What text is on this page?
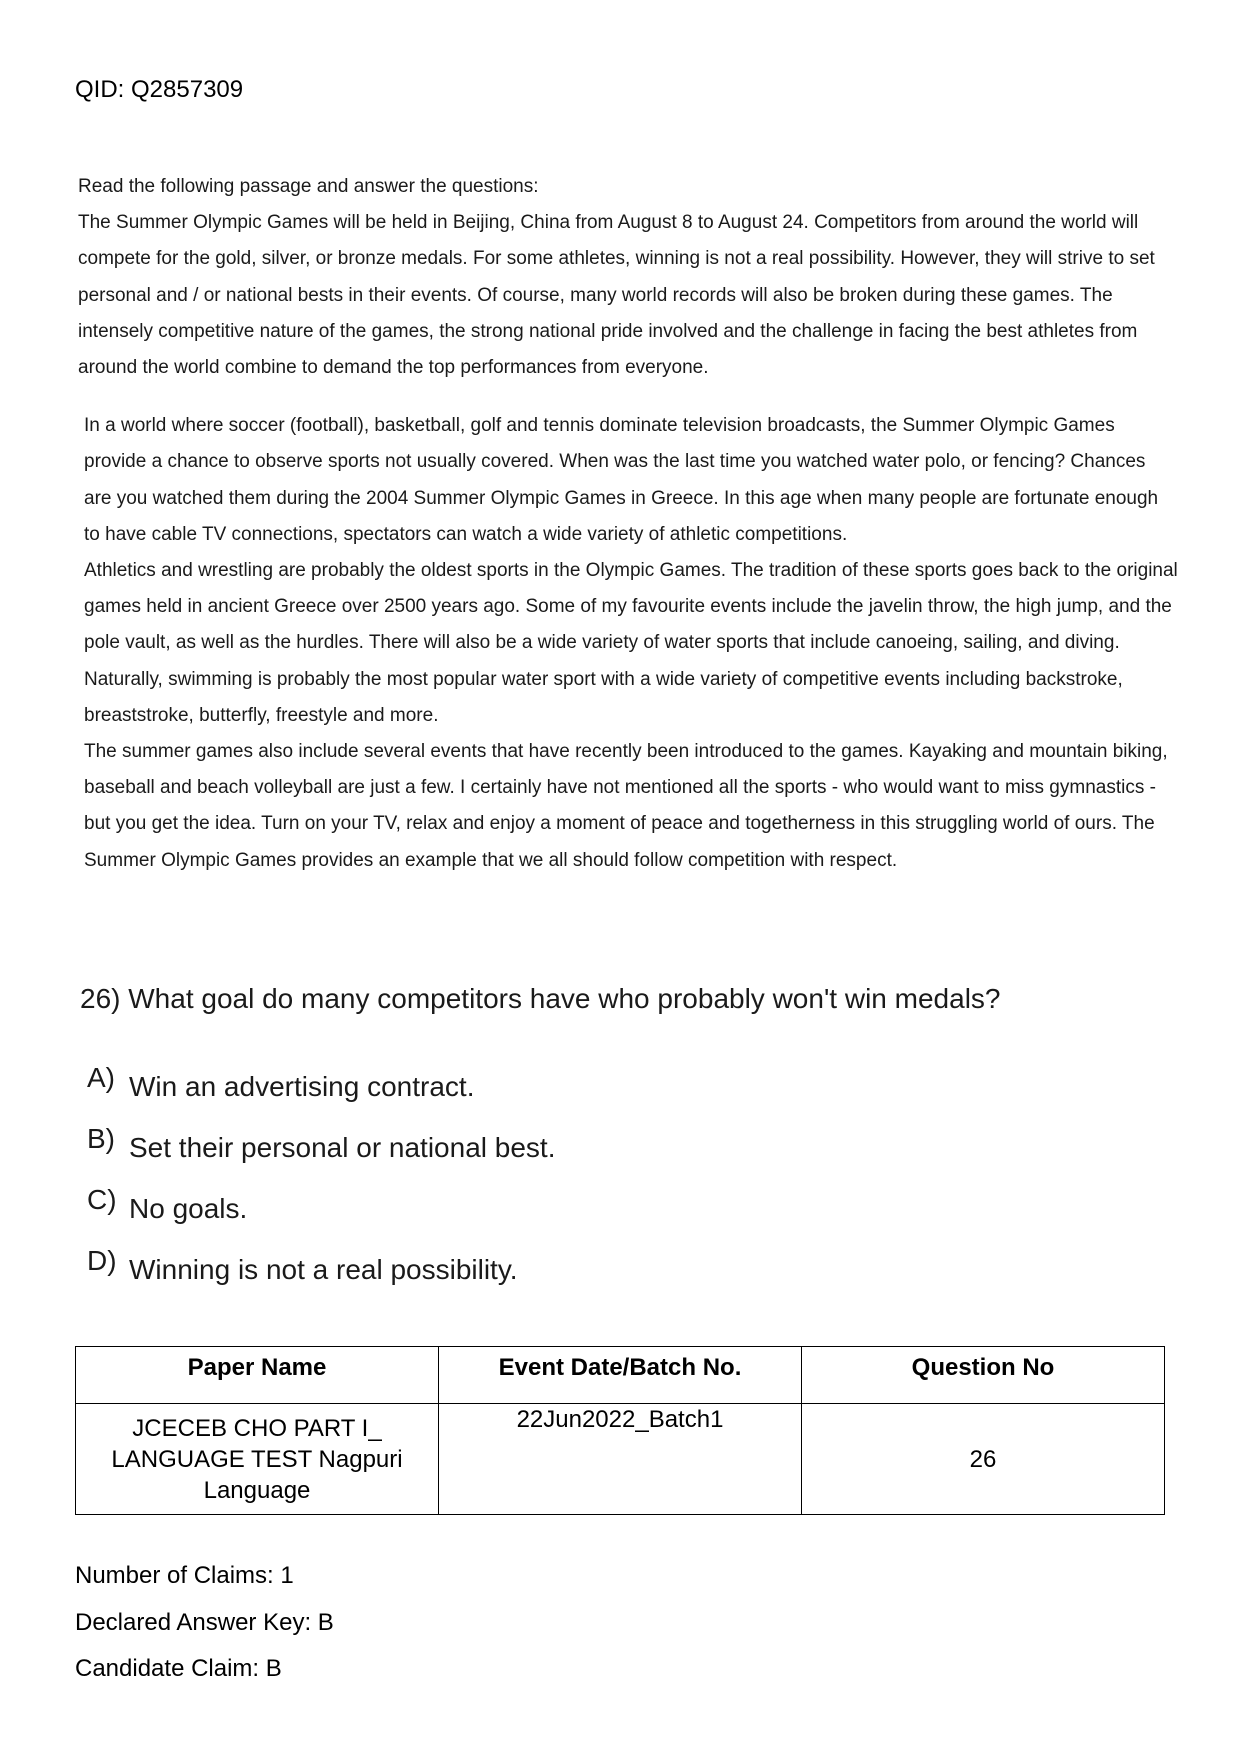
QID: Q2857309

Read the following passage and answer the questions:

The Summer Olympic Games will be held in Beijing, China from August 8 to August 24. Competitors from around the world will compete for the gold, silver, or bronze medals. For some athletes, winning is not a real possibility. However, they will strive to set personal and / or national bests in their events. Of course, many world records will also be broken during these games. The intensely competitive nature of the games, the strong national pride involved and the challenge in facing the best athletes from around the world combine to demand the top performances from everyone.

In a world where soccer (football), basketball, golf and tennis dominate television broadcasts, the Summer Olympic Games provide a chance to observe sports not usually covered. When was the last time you watched water polo, or fencing? Chances are you watched them during the 2004 Summer Olympic Games in Greece. In this age when many people are fortunate enough to have cable TV connections, spectators can watch a wide variety of athletic competitions.

Athletics and wrestling are probably the oldest sports in the Olympic Games. The tradition of these sports goes back to the original games held in ancient Greece over 2500 years ago. Some of my favourite events include the javelin throw, the high jump, and the pole vault, as well as the hurdles. There will also be a wide variety of water sports that include canoeing, sailing, and diving. Naturally, swimming is probably the most popular water sport with a wide variety of competitive events including backstroke, breaststroke, butterfly, freestyle and more.

The summer games also include several events that have recently been introduced to the games. Kayaking and mountain biking, baseball and beach volleyball are just a few. I certainly have not mentioned all the sports - who would want to miss gymnastics - but you get the idea. Turn on your TV, relax and enjoy a moment of peace and togetherness in this struggling world of ours. The Summer Olympic Games provides an example that we all should follow competition with respect.

26) What goal do many competitors have who probably won't win medals?
A) Win an advertising contract.
B) Set their personal or national best.
C) No goals.
D) Winning is not a real possibility.
Paper Name	Event Date/Batch No.	Question No

JCECEB CHO PART I_
LANGUAGE TEST Nagpuri
Language	22Jun2022_Batch1	26
Number of Claims: 1
Declared Answer Key: B
Candidate Claim: B
